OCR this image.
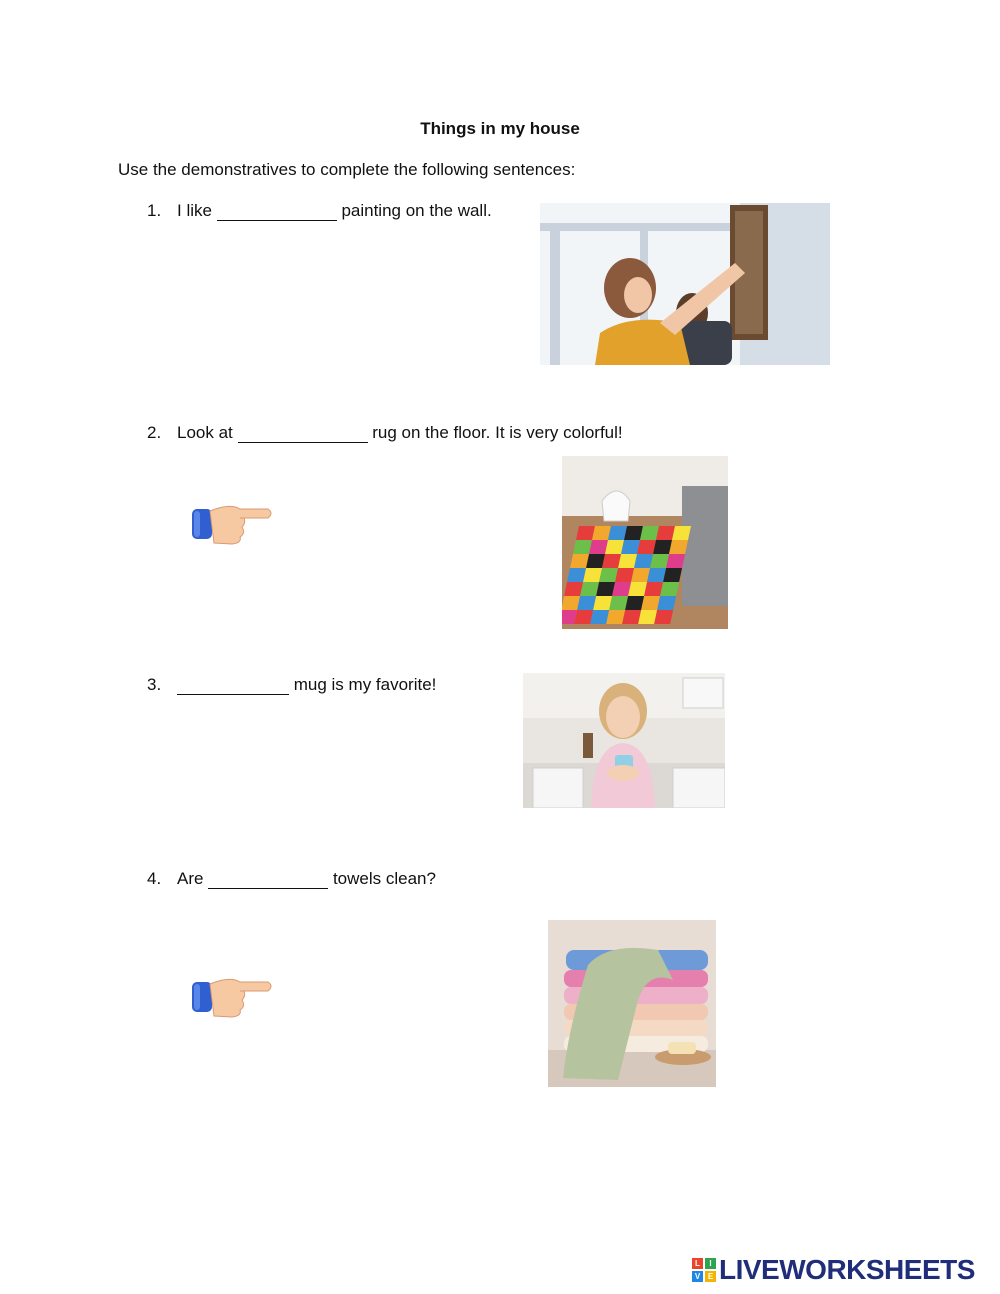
Things in my house
Use the demonstratives to complete the following sentences:
1. I like	painting on the wall.
2. Look at	rug on the floor. It is very colorful!
3.	mug is my favorite!
4. Are	towels clean?
L	I
V E LIVEWORKSHEETS
